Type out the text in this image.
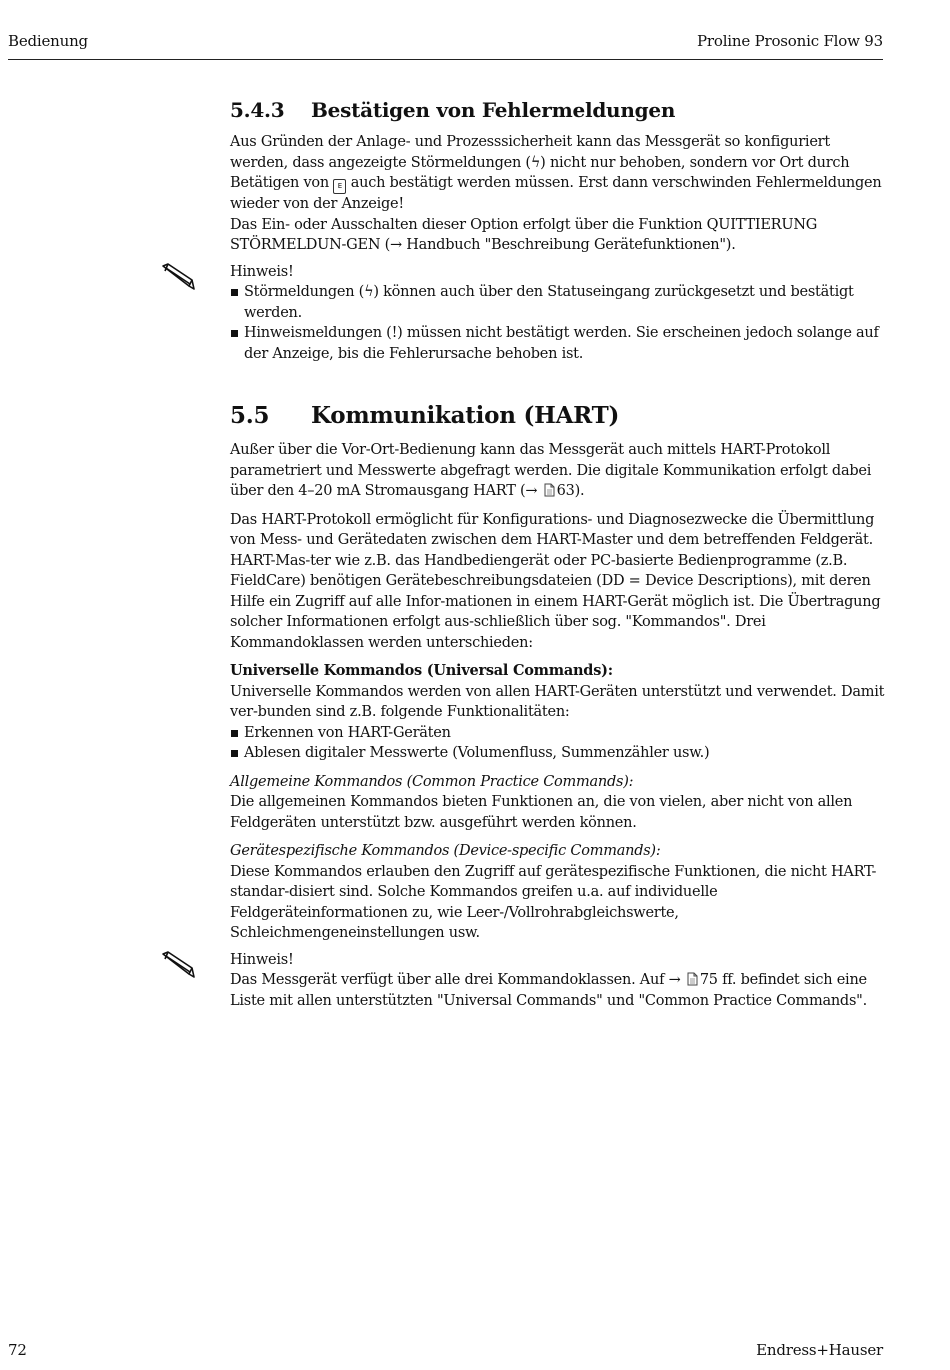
Bedienung	Proline Prosonic Flow 93
5.4.3 Bestätigen von Fehlermeldungen

Aus Gründen der Anlage- und Prozesssicherheit kann das Messgerät so konfiguriert werden, dass angezeigte Störmeldungen (ϟ) nicht nur behoben, sondern vor Ort durch Betätigen von E auch bestätigt werden müssen. Erst dann verschwinden Fehlermeldungen wieder von der Anzeige!

Das Ein- oder Ausschalten dieser Option erfolgt über die Funktion QUITTIERUNG STÖRMELDUN-GEN (→ Handbuch "Beschreibung Gerätefunktionen").

Hinweis!

Störmeldungen (ϟ) können auch über den Statuseingang zurückgesetzt und bestätigt werden.
Hinweismeldungen (!) müssen nicht bestätigt werden. Sie erscheinen jedoch solange auf der Anzeige, bis die Fehlerursache behoben ist.
5.5 Kommunikation (HART)

Außer über die Vor-Ort-Bedienung kann das Messgerät auch mittels HART-Protokoll parametriert und Messwerte abgefragt werden. Die digitale Kommunikation erfolgt dabei über den 4–20 mA Stromausgang HART (→ 63).

Das HART-Protokoll ermöglicht für Konfigurations- und Diagnosezwecke die Übermittlung von Mess- und Gerätedaten zwischen dem HART-Master und dem betreffenden Feldgerät. HART-Mas-ter wie z.B. das Handbediengerät oder PC-basierte Bedienprogramme (z.B. FieldCare) benötigen Gerätebeschreibungsdateien (DD = Device Descriptions), mit deren Hilfe ein Zugriff auf alle Infor-mationen in einem HART-Gerät möglich ist. Die Übertragung solcher Informationen erfolgt aus-schließlich über sog. "Kommandos". Drei Kommandoklassen werden unterschieden:

Universelle Kommandos (Universal Commands):

Universelle Kommandos werden von allen HART-Geräten unterstützt und verwendet. Damit ver-bunden sind z.B. folgende Funktionalitäten:

Erkennen von HART-Geräten
Ablesen digitaler Messwerte (Volumenfluss, Summenzähler usw.)

Allgemeine Kommandos (Common Practice Commands):

Die allgemeinen Kommandos bieten Funktionen an, die von vielen, aber nicht von allen Feldgeräten unterstützt bzw. ausgeführt werden können.

Gerätespezifische Kommandos (Device-specific Commands):

Diese Kommandos erlauben den Zugriff auf gerätespezifische Funktionen, die nicht HART-standar-disiert sind. Solche Kommandos greifen u.a. auf individuelle Feldgeräteinformationen zu, wie Leer-/Vollrohrabgleichswerte, Schleichmengeneinstellungen usw.

Hinweis!

Das Messgerät verfügt über alle drei Kommandoklassen. Auf → 75 ff. befindet sich eine Liste mit allen unterstützten "Universal Commands" und "Common Practice Commands".

72	Endress+Hauser
